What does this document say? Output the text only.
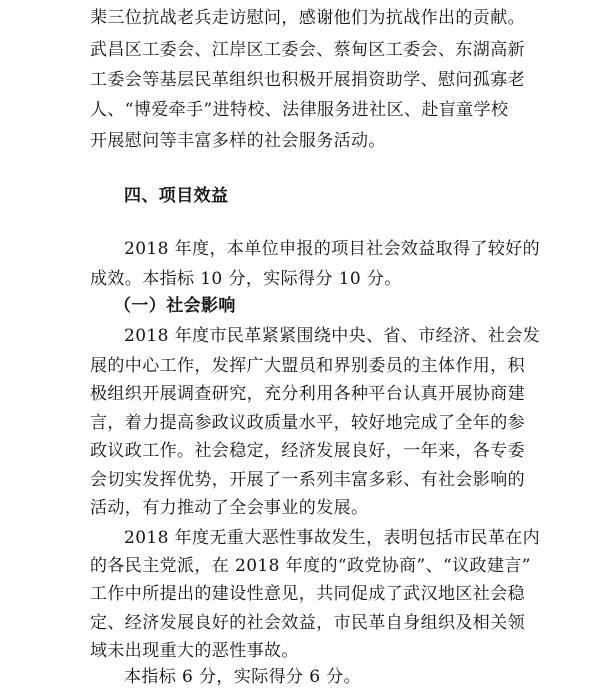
棐三位抗战老兵走访慰问，感谢他们为抗战作出的贡献。

武昌区工委会、江岸区工委会、蔡甸区工委会、东湖高新

工委会等基层民革组织也积极开展捐资助学、慰问孤寡老

人、“博爱牵手”进特校、法律服务进社区、赴盲童学校

开展慰问等丰富多样的社会服务活动。

四、项目效益

2018 年度，本单位申报的项目社会效益取得了较好的

成效。本指标 10 分，实际得分 10 分。

（一）社会影响

2018 年度市民革紧紧围绕中央、省、市经济、社会发

展的中心工作，发挥广大盟员和界别委员的主体作用，积

极组织开展调查研究，充分利用各种平台认真开展协商建

言，着力提高参政议政质量水平，较好地完成了全年的参

政议政工作。社会稳定，经济发展良好，一年来，各专委

会切实发挥优势，开展了一系列丰富多彩、有社会影响的

活动，有力推动了全会事业的发展。

2018 年度无重大恶性事故发生，表明包括市民革在内

的各民主党派，在 2018 年度的“政党协商”、“议政建言”

工作中所提出的建设性意见，共同促成了武汉地区社会稳

定、经济发展良好的社会效益，市民革自身组织及相关领

域未出现重大的恶性事故。

本指标 6 分，实际得分 6 分。
